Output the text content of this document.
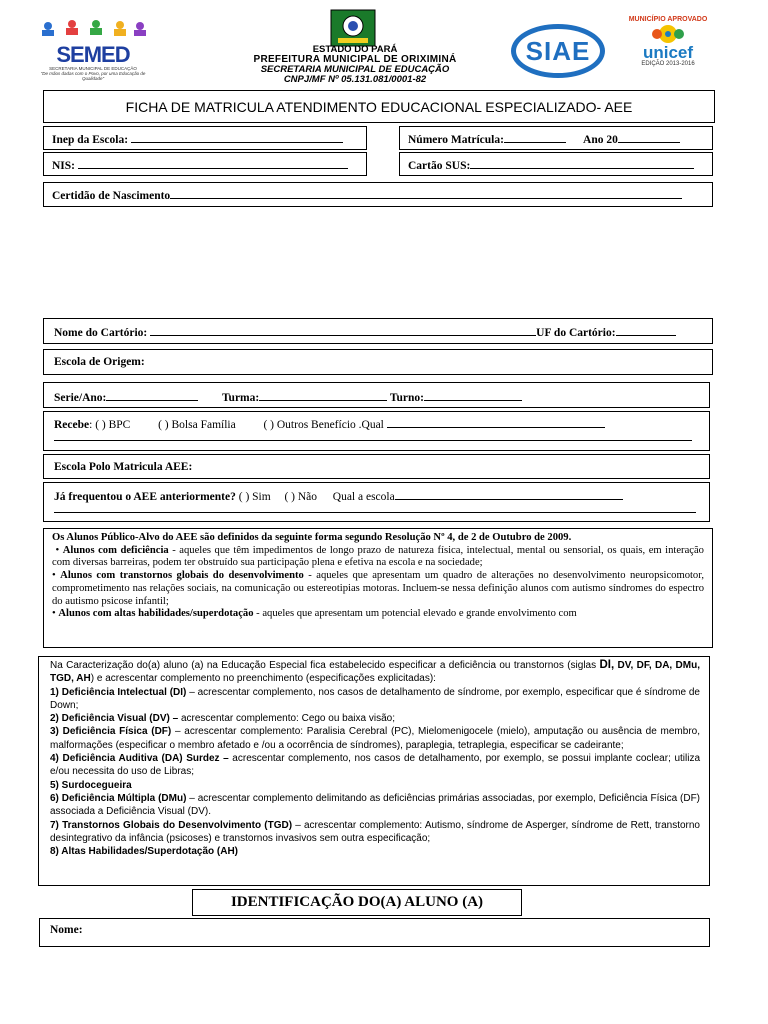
SEMED
SECRETARIA MUNICIPAL DE EDUCAÇÃO
"De mãos dadas com o Povo, por uma Educação de Qualidade"
ESTADO DO PARÁ
PREFEITURA MUNICIPAL DE ORIXIMINÁ
SECRETARIA MUNICIPAL DE EDUCAÇÃO
CNPJ/MF Nº 05.131.081/0001-82
SIAE
MUNICÍPIO APROVADO
unicef
EDIÇÃO 2013-2016
FICHA DE MATRICULA ATENDIMENTO EDUCACIONAL ESPECIALIZADO- AEE
Inep da Escola:	Número Matrícula:	Ano 20
NIS:	Cartão SUS:
Certidão de Nascimento
Nome do Cartório:	UF do Cartório:
Escola de Origem:
Serie/Ano:	Turma:	Turno:
Recebe: ( ) BPC ( ) Bolsa Família ( ) Outros Benefício .Qual
Escola Polo Matricula AEE:
Já frequentou o AEE anteriormente? ( ) Sim ( ) Não Qual a escola
Os Alunos Público-Alvo do AEE são definidos da seguinte forma segundo Resolução Nº 4, de 2 de Outubro de 2009.
• Alunos com deficiência - aqueles que têm impedimentos de longo prazo de natureza física, intelectual, mental ou sensorial, os quais, em interação com diversas barreiras, podem ter obstruído sua participação plena e efetiva na escola e na sociedade;
• Alunos com transtornos globais do desenvolvimento - aqueles que apresentam um quadro de alterações no desenvolvimento neuropsicomotor, comprometimento nas relações sociais, na comunicação ou estereotipias motoras. Incluem-se nessa definição alunos com autismo síndromes do espectro do autismo psicose infantil;
• Alunos com altas habilidades/superdotação - aqueles que apresentam um potencial elevado e grande envolvimento com
Na Caracterização do(a) aluno (a) na Educação Especial fica estabelecido especificar a deficiência ou transtornos (siglas DI, DV, DF, DA, DMu, TGD, AH) e acrescentar complemento no preenchimento (especificações explicitadas):
1) Deficiência Intelectual (DI) – acrescentar complemento, nos casos de detalhamento de síndrome, por exemplo, especificar que é síndrome de Down;
2) Deficiência Visual (DV) – acrescentar complemento: Cego ou baixa visão;
3) Deficiência Física (DF) – acrescentar complemento: Paralisia Cerebral (PC), Mielomenigocele (mielo), amputação ou ausência de membro, malformações (especificar o membro afetado e /ou a ocorrência de síndromes), paraplegia, tetraplegia, especificar se cadeirante;
4) Deficiência Auditiva (DA) Surdez – acrescentar complemento, nos casos de detalhamento, por exemplo, se possui implante coclear; utiliza e/ou necessita do uso de Libras;
5) Surdocegueira
6) Deficiência Múltipla (DMu) – acrescentar complemento delimitando as deficiências primárias associadas, por exemplo, Deficiência Física (DF) associada a Deficiência Visual (DV).
7) Transtornos Globais do Desenvolvimento (TGD) – acrescentar complemento: Autismo, síndrome de Asperger, síndrome de Rett, transtorno desintegrativo da infância (psicoses) e transtornos invasivos sem outra especificação;
8) Altas Habilidades/Superdotação (AH)
IDENTIFICAÇÃO DO(A) ALUNO (A)
Nome:
